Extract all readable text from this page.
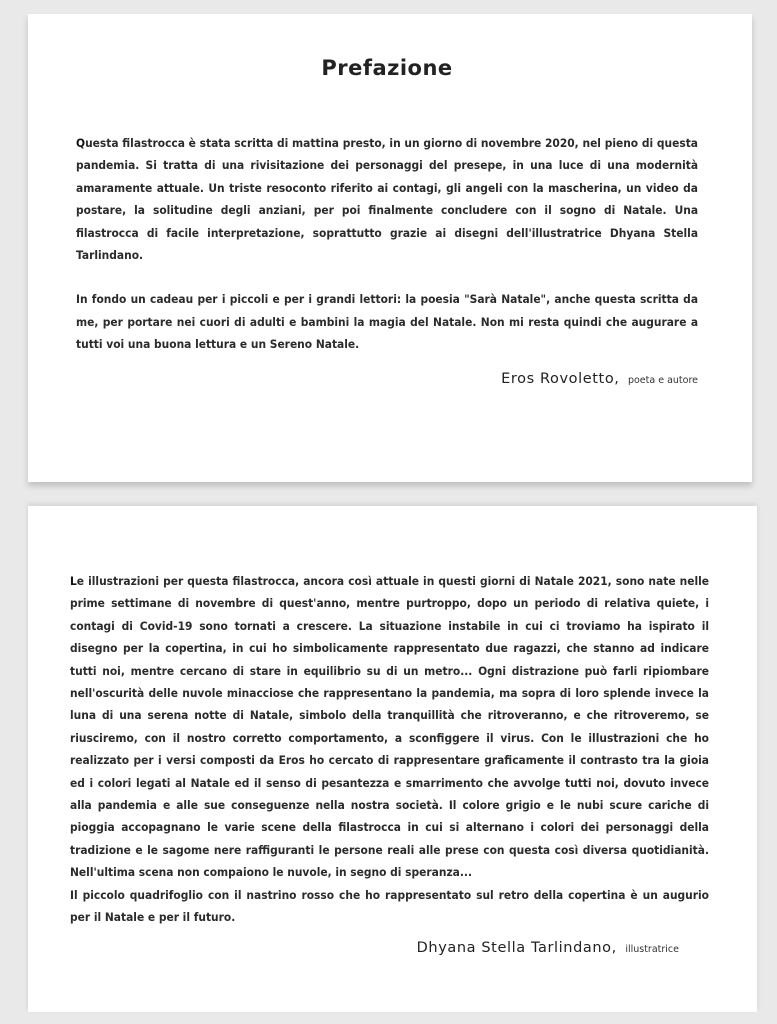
Prefazione

Questa filastrocca è stata scritta di mattina presto, in un giorno di novembre 2020, nel pieno di questa pandemia. Si tratta di una rivisitazione dei personaggi del presepe, in una luce di una modernità amaramente attuale. Un triste resoconto riferito ai contagi, gli angeli con la mascherina, un video da postare, la solitudine degli anziani, per poi finalmente concludere con il sogno di Natale. Una filastrocca di facile interpretazione, soprattutto grazie ai disegni dell'illustratrice Dhyana Stella Tarlindano.

In fondo un cadeau per i piccoli e per i grandi lettori: la poesia "Sarà Natale", anche questa scritta da me, per portare nei cuori di adulti e bambini la magia del Natale. Non mi resta quindi che augurare a tutti voi una buona lettura e un Sereno Natale.

Eros Rovoletto, poeta e autore

Le illustrazioni per questa filastrocca, ancora così attuale in questi giorni di Natale 2021, sono nate nelle prime settimane di novembre di quest'anno, mentre purtroppo, dopo un periodo di relativa quiete, i contagi di Covid-19 sono tornati a crescere. La situazione instabile in cui ci troviamo ha ispirato il disegno per la copertina, in cui ho simbolicamente rappresentato due ragazzi, che stanno ad indicare tutti noi, mentre cercano di stare in equilibrio su di un metro... Ogni distrazione può farli ripiombare nell'oscurità delle nuvole minacciose che rappresentano la pandemia, ma sopra di loro splende invece la luna di una serena notte di Natale, simbolo della tranquillità che ritroveranno, e che ritroveremo, se riusciremo, con il nostro corretto comportamento, a sconfiggere il virus. Con le illustrazioni che ho realizzato per i versi composti da Eros ho cercato di rappresentare graficamente il contrasto tra la gioia ed i colori legati al Natale ed il senso di pesantezza e smarrimento che avvolge tutti noi, dovuto invece alla pandemia e alle sue conseguenze nella nostra società. Il colore grigio e le nubi scure cariche di pioggia accopagnano le varie scene della filastrocca in cui si alternano i colori dei personaggi della tradizione e le sagome nere raffiguranti le persone reali alle prese con questa così diversa quotidianità. Nell'ultima scena non compaiono le nuvole, in segno di speranza...

Il piccolo quadrifoglio con il nastrino rosso che ho rappresentato sul retro della copertina è un augurio per il Natale e per il futuro.

Dhyana Stella Tarlindano, illustratrice
